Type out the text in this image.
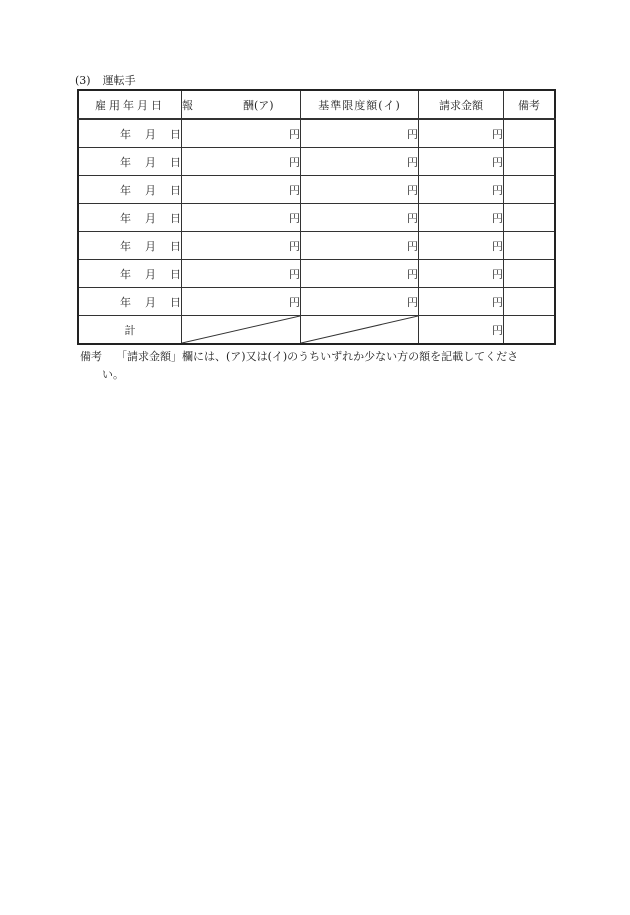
(3) 運転手
雇用年月日	報 酬(ア)	基準限度額(イ)	請求金額	備考
年 月 日	円	円	円	
年 月 日	円	円	円	
年 月 日	円	円	円	
年 月 日	円	円	円	
年 月 日	円	円	円	
年 月 日	円	円	円	
年 月 日	円	円	円	
計			円	
備考 「請求金額」欄には、(ア)又は(イ)のうちいずれか少ない方の額を記載してくださ
い。
